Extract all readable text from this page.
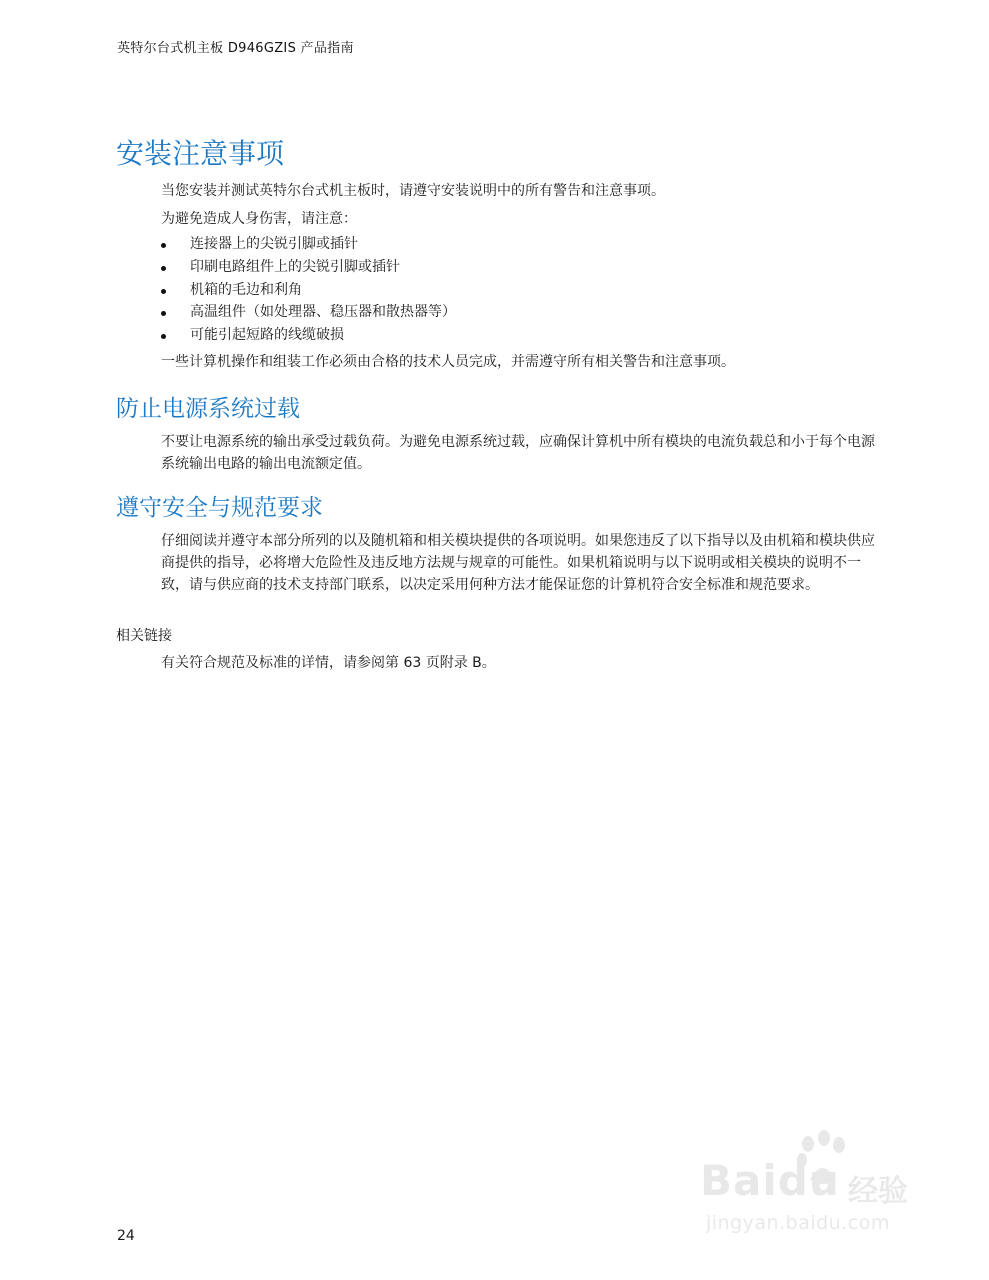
英特尔台式机主板 D946GZIS 产品指南
安装注意事项

当您安装并测试英特尔台式机主板时，请遵守安装说明中的所有警告和注意事项。

为避免造成人身伤害，请注意：

连接器上的尖锐引脚或插针
印刷电路组件上的尖锐引脚或插针
机箱的毛边和利角
高温组件（如处理器、稳压器和散热器等）
可能引起短路的线缆破损

一些计算机操作和组装工作必须由合格的技术人员完成，并需遵守所有相关警告和注意事项。

防止电源系统过载

不要让电源系统的输出承受过载负荷。为避免电源系统过载，应确保计算机中所有模块的电流负载总和小于每个电源系统输出电路的输出电流额定值。

遵守安全与规范要求

仔细阅读并遵守本部分所列的以及随机箱和相关模块提供的各项说明。如果您违反了以下指导以及由机箱和模块供应商提供的指导，必将增大危险性及违反地方法规与规章的可能性。如果机箱说明与以下说明或相关模块的说明不一致，请与供应商的技术支持部门联系，以决定采用何种方法才能保证您的计算机符合安全标准和规范要求。

相关链接

有关符合规范及标准的详情，请参阅第 63 页附录 B。

24
Baidu 经验
jingyan.baidu.com
